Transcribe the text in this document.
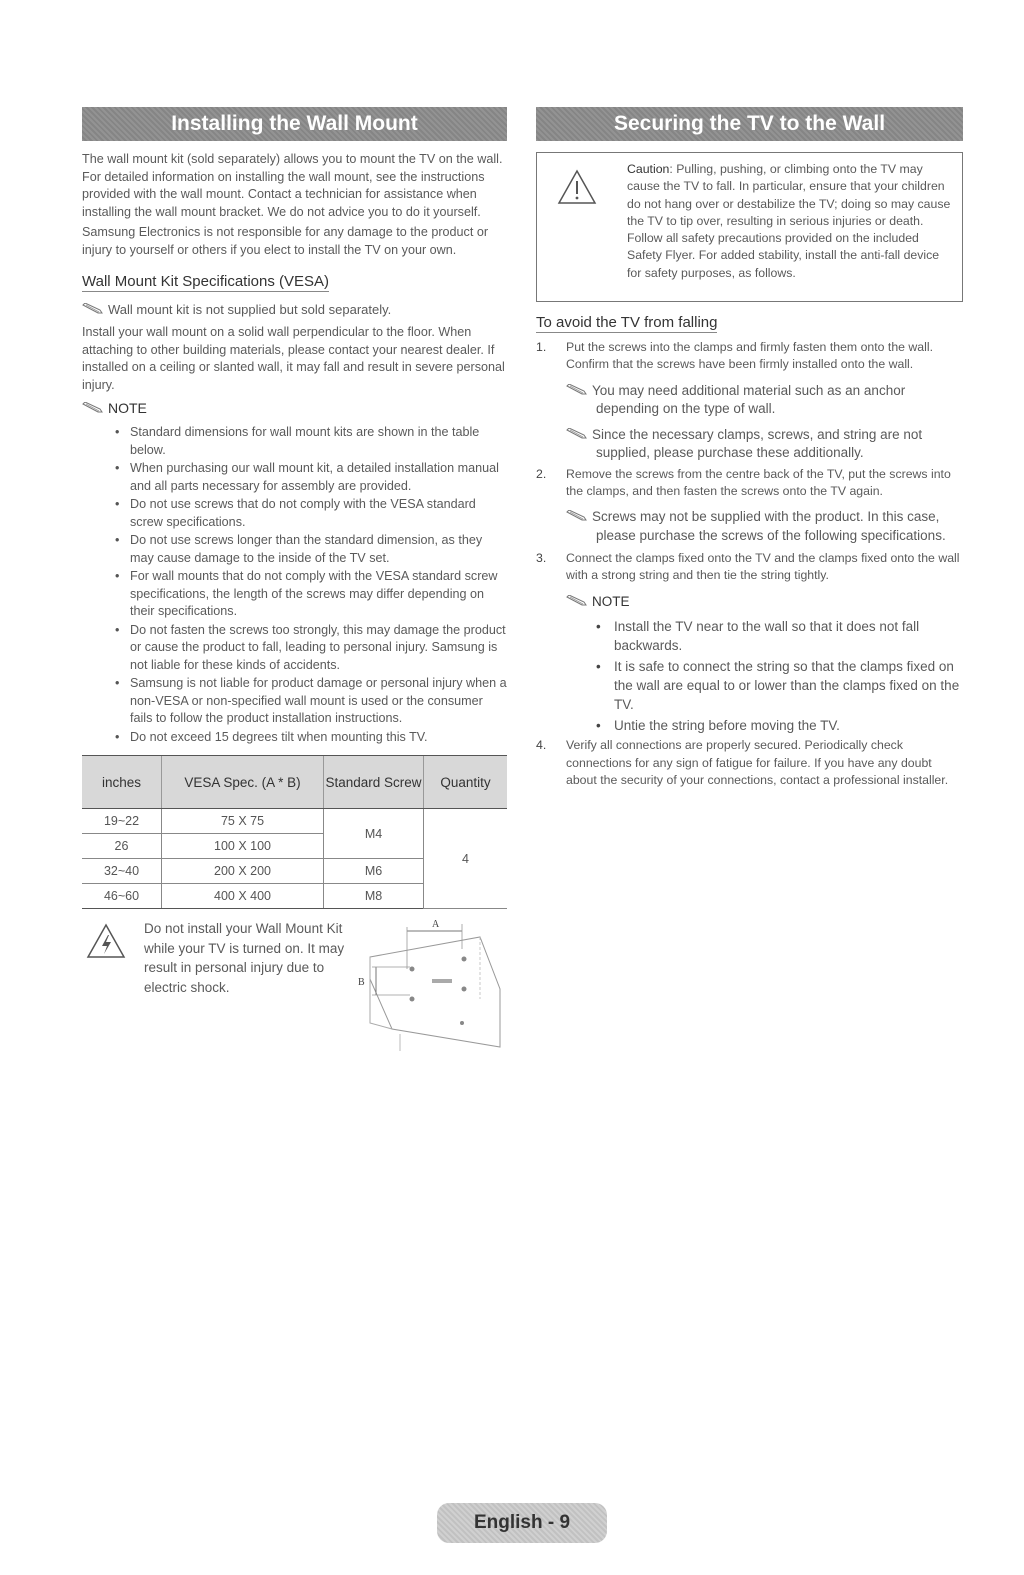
Installing the Wall Mount

The wall mount kit (sold separately) allows you to mount the TV on the wall. For detailed information on installing the wall mount, see the instructions provided with the wall mount. Contact a technician for assistance when installing the wall mount bracket. We do not advice you to do it yourself.

Samsung Electronics is not responsible for any damage to the product or injury to yourself or others if you elect to install the TV on your own.

Wall Mount Kit Specifications (VESA)

Wall mount kit is not supplied but sold separately.

Install your wall mount on a solid wall perpendicular to the floor. When attaching to other building materials, please contact your nearest dealer. If installed on a ceiling or slanted wall, it may fall and result in severe personal injury.

NOTE

• Standard dimensions for wall mount kits are shown in the table below.
• When purchasing our wall mount kit, a detailed installation manual and all parts necessary for assembly are provided.
• Do not use screws that do not comply with the VESA standard screw specifications.
• Do not use screws longer than the standard dimension, as they may cause damage to the inside of the TV set.
• For wall mounts that do not comply with the VESA standard screw specifications, the length of the screws may differ depending on their specifications.
• Do not fasten the screws too strongly, this may damage the product or cause the product to fall, leading to personal injury. Samsung is not liable for these kinds of accidents.
• Samsung is not liable for product damage or personal injury when a non-VESA or non-specified wall mount is used or the consumer fails to follow the product installation instructions.
• Do not exceed 15 degrees tilt when mounting this TV.
inches	VESA Spec. (A * B)	Standard Screw	Quantity
19~22	75 X 75	M4	4
26	100 X 100		
32~40	200 X 200	M6	
46~60	400 X 400	M8	

Do not install your Wall Mount Kit while your TV is turned on. It may result in personal injury due to electric shock.

A
B
Securing the TV to the Wall

Caution: Pulling, pushing, or climbing onto the TV may cause the TV to fall. In particular, ensure that your children do not hang over or destabilize the TV; doing so may cause the TV to tip over, resulting in serious injuries or death. Follow all safety precautions provided on the included Safety Flyer. For added stability, install the anti-fall device for safety purposes, as follows.

To avoid the TV from falling
1. Put the screws into the clamps and firmly fasten them onto the wall. Confirm that the screws have been firmly installed onto the wall.

You may need additional material such as an anchor depending on the type of wall.

Since the necessary clamps, screws, and string are not supplied, please purchase these additionally.

2. Remove the screws from the centre back of the TV, put the screws into the clamps, and then fasten the screws onto the TV again.

Screws may not be supplied with the product. In this case, please purchase the screws of the following specifications.

3. Connect the clamps fixed onto the TV and the clamps fixed onto the wall with a strong string and then tie the string tightly.

NOTE

• Install the TV near to the wall so that it does not fall backwards.
• It is safe to connect the string so that the clamps fixed on the wall are equal to or lower than the clamps fixed on the TV.
• Untie the string before moving the TV.
4. Verify all connections are properly secured. Periodically check connections for any sign of fatigue for failure. If you have any doubt about the security of your connections, contact a professional installer.
English - 9
